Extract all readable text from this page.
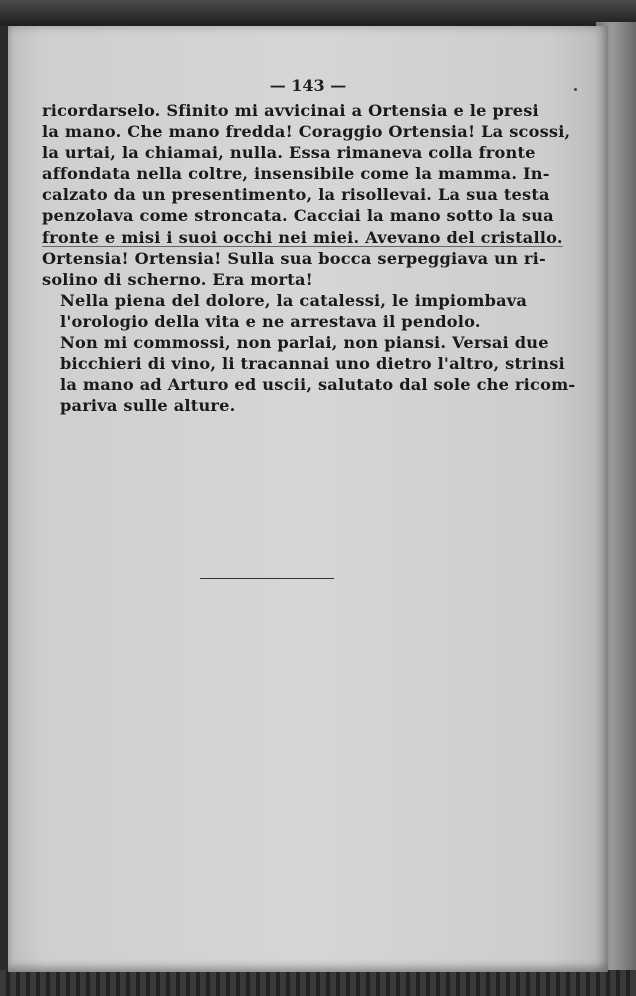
— 143 —

ricordarselo. Sfinito mi avvicinai a Ortensia e le presi
la mano. Che mano fredda! Coraggio Ortensia! La scossi,
la urtai, la chiamai, nulla. Essa rimaneva colla fronte
affondata nella coltre, insensibile come la mamma. In-
calzato da un presentimento, la risollevai. La sua testa
penzolava come stroncata. Cacciai la mano sotto la sua
fronte e misi i suoi occhi nei miei. Avevano del cristallo.
Ortensia! Ortensia! Sulla sua bocca serpeggiava un ri-
solino di scherno. Era morta!

Nella piena del dolore, la catalessi, le impiombava
l'orologio della vita e ne arrestava il pendolo.

Non mi commossi, non parlai, non piansi. Versai due
bicchieri di vino, li tracannai uno dietro l'altro, strinsi
la mano ad Arturo ed uscii, salutato dal sole che ricom-
pariva sulle alture.
